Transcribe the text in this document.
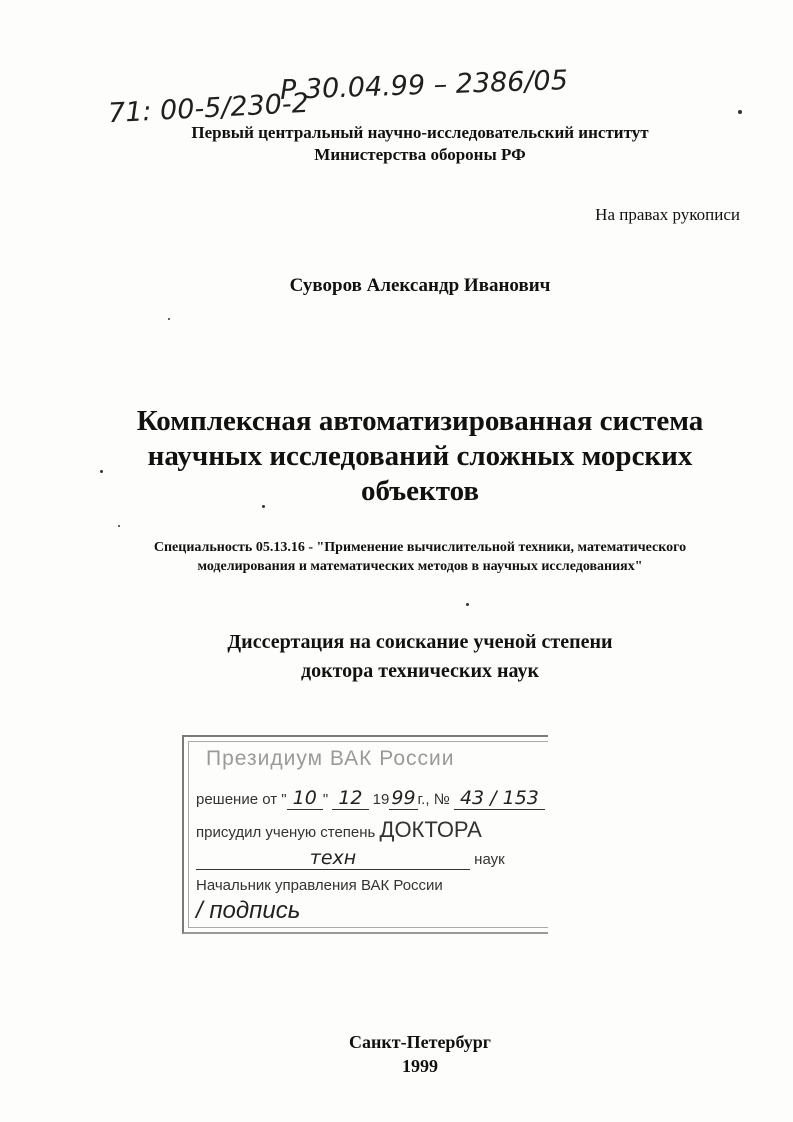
Р 30.04.99 – 2386/05
71: 00-5/230-2
Первый центральный научно-исследовательский институт
Министерства обороны РФ
На правах рукописи
Суворов Александр Иванович
Комплексная автоматизированная система
научных исследований сложных морских
объектов
Специальность 05.13.16 - "Применение вычислительной техники, математического
моделирования и математических методов в научных исследованиях"
Диссертация на соискание ученой степени
доктора технических наук
Президиум ВАК России
решение от " 10 " 12 19 99 г., № 43 / 153
присудил ученую степень ДОКТОРА
техн	наук
Начальник управления ВАК России
/ подпись
Санкт-Петербург
1999
